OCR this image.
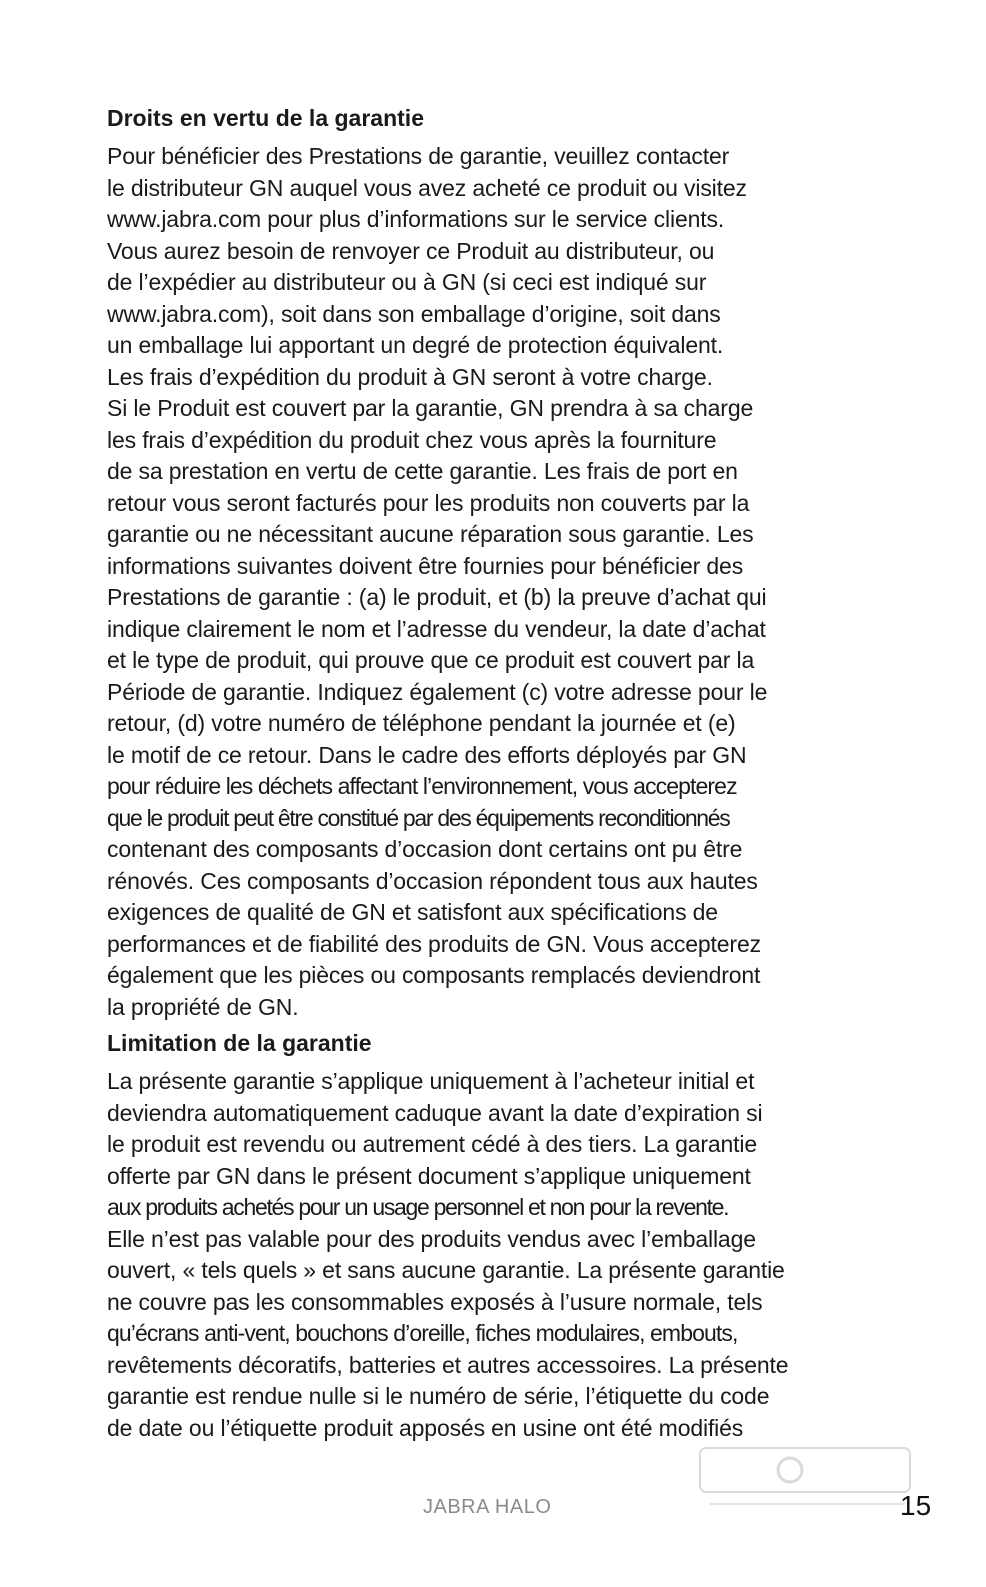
Droits en vertu de la garantie

Pour bénéficier des Prestations de garantie, veuillez contacter
le distributeur GN auquel vous avez acheté ce produit ou visitez
www.jabra.com pour plus d’informations sur le service clients.
Vous aurez besoin de renvoyer ce Produit au distributeur, ou
de l’expédier au distributeur ou à GN (si ceci est indiqué sur
www.jabra.com), soit dans son emballage d’origine, soit dans
un emballage lui apportant un degré de protection équivalent.
Les frais d’expédition du produit à GN seront à votre charge.
Si le Produit est couvert par la garantie, GN prendra à sa charge
les frais d’expédition du produit chez vous après la fourniture
de sa prestation en vertu de cette garantie. Les frais de port en
retour vous seront facturés pour les produits non couverts par la
garantie ou ne nécessitant aucune réparation sous garantie. Les
informations suivantes doivent être fournies pour bénéficier des
Prestations de garantie : (a) le produit, et (b) la preuve d’achat qui
indique clairement le nom et l’adresse du vendeur, la date d’achat
et le type de produit, qui prouve que ce produit est couvert par la
Période de garantie. Indiquez également (c) votre adresse pour le
retour, (d) votre numéro de téléphone pendant la journée et (e)
le motif de ce retour. Dans le cadre des efforts déployés par GN
pour réduire les déchets affectant l’environnement, vous accepterez
que le produit peut être constitué par des équipements reconditionnés
contenant des composants d’occasion dont certains ont pu être
rénovés. Ces composants d’occasion répondent tous aux hautes
exigences de qualité de GN et satisfont aux spécifications de
performances et de fiabilité des produits de GN. Vous accepterez
également que les pièces ou composants remplacés deviendront
la propriété de GN.

Limitation de la garantie

La présente garantie s’applique uniquement à l’acheteur initial et
deviendra automatiquement caduque avant la date d’expiration si
le produit est revendu ou autrement cédé à des tiers. La garantie
offerte par GN dans le présent document s’applique uniquement
aux produits achetés pour un usage personnel et non pour la revente.
Elle n’est pas valable pour des produits vendus avec l’emballage
ouvert, « tels quels » et sans aucune garantie. La présente garantie
ne couvre pas les consommables exposés à l’usure normale, tels
qu’écrans anti-vent, bouchons d’oreille, fiches modulaires, embouts,
revêtements décoratifs, batteries et autres accessoires. La présente
garantie est rendue nulle si le numéro de série, l’étiquette du code
de date ou l’étiquette produit apposés en usine ont été modifiés

JABRA HALO	15
